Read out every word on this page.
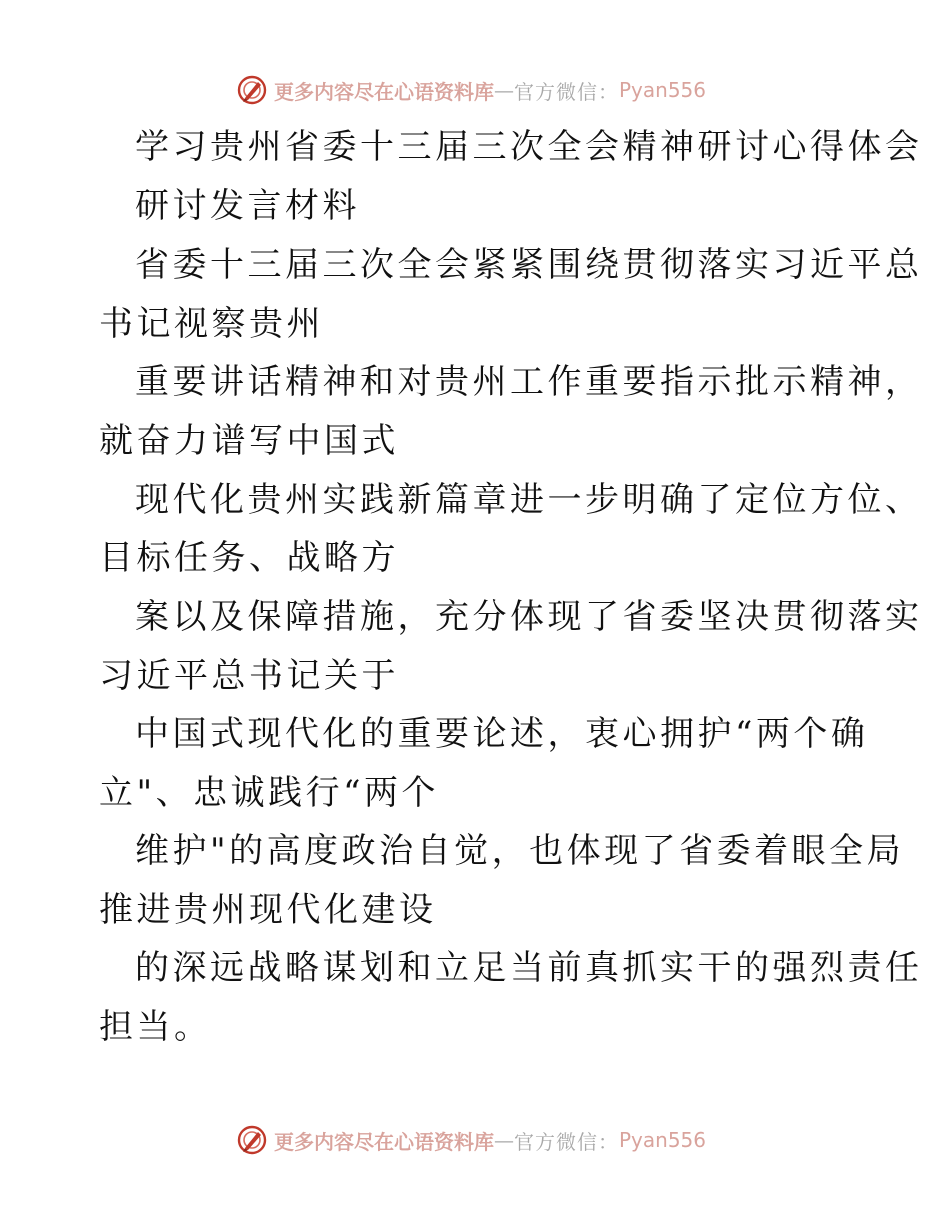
更多内容尽在心语资料库 — 官方微信： Pyan556
学习贵州省委十三届三次全会精神研讨心得体会
研讨发言材料
省委十三届三次全会紧紧围绕贯彻落实习近平总
书记视察贵州
重要讲话精神和对贵州工作重要指示批示精神，
就奋力谱写中国式
现代化贵州实践新篇章进一步明确了定位方位、
目标任务、战略方
案以及保障措施，充分体现了省委坚决贯彻落实
习近平总书记关于
中国式现代化的重要论述，衷心拥护“两个确
立"、忠诚践行“两个
维护"的高度政治自觉，也体现了省委着眼全局
推进贵州现代化建设
的深远战略谋划和立足当前真抓实干的强烈责任
担当。
更多内容尽在心语资料库 — 官方微信： Pyan556
